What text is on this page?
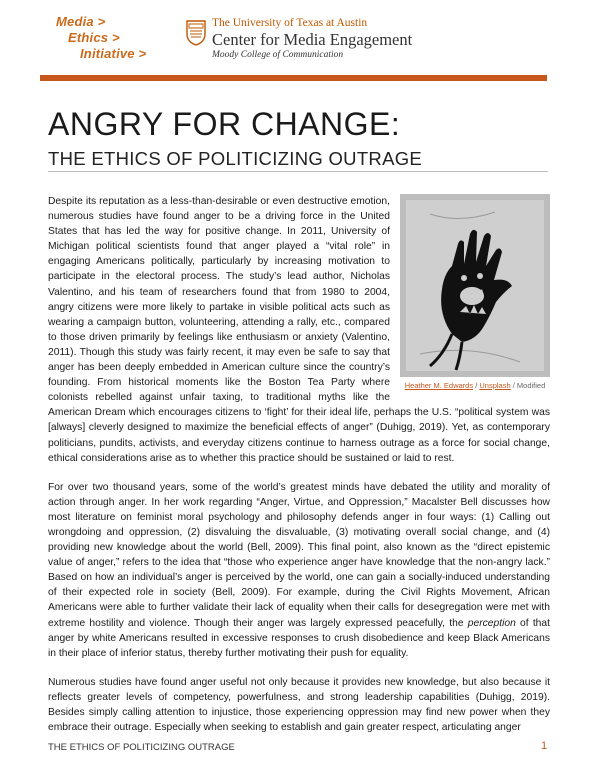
Media >
Ethics >
Initiative >
The University of Texas at Austin
Center for Media Engagement
Moody College of Communication
ANGRY FOR CHANGE:
THE ETHICS OF POLITICIZING OUTRAGE
Heather M. Edwards / Unsplash / Modified

Despite its reputation as a less-than-desirable or even destructive emotion, numerous studies have found anger to be a driving force in the United States that has led the way for positive change. In 2011, University of Michigan political scientists found that anger played a “vital role” in engaging Americans politically, particularly by increasing motivation to participate in the electoral process. The study’s lead author, Nicholas Valentino, and his team of researchers found that from 1980 to 2004, angry citizens were more likely to partake in visible political acts such as wearing a campaign button, volunteering, attending a rally, etc., compared to those driven primarily by feelings like enthusiasm or anxiety (Valentino, 2011). Though this study was fairly recent, it may even be safe to say that anger has been deeply embedded in American culture since the country’s founding. From historical moments like the Boston Tea Party where colonists rebelled against unfair taxing, to traditional myths like the American Dream which encourages citizens to ‘fight’ for their ideal life, perhaps the U.S. “political system was [always] cleverly designed to maximize the beneficial effects of anger” (Duhigg, 2019). Yet, as contemporary politicians, pundits, activists, and everyday citizens continue to harness outrage as a force for social change, ethical considerations arise as to whether this practice should be sustained or laid to rest.

For over two thousand years, some of the world’s greatest minds have debated the utility and morality of action through anger. In her work regarding “Anger, Virtue, and Oppression,” Macalster Bell discusses how most literature on feminist moral psychology and philosophy defends anger in four ways: (1) Calling out wrongdoing and oppression, (2) disvaluing the disvaluable, (3) motivating overall social change, and (4) providing new knowledge about the world (Bell, 2009). This final point, also known as the “direct epistemic value of anger,” refers to the idea that “those who experience anger have knowledge that the non-angry lack.” Based on how an individual’s anger is perceived by the world, one can gain a socially-induced understanding of their expected role in society (Bell, 2009). For example, during the Civil Rights Movement, African Americans were able to further validate their lack of equality when their calls for desegregation were met with extreme hostility and violence. Though their anger was largely expressed peacefully, the perception of that anger by white Americans resulted in excessive responses to crush disobedience and keep Black Americans in their place of inferior status, thereby further motivating their push for equality.

Numerous studies have found anger useful not only because it provides new knowledge, but also because it reflects greater levels of competency, powerfulness, and strong leadership capabilities (Duhigg, 2019). Besides simply calling attention to injustice, those experiencing oppression may find new power when they embrace their outrage. Especially when seeking to establish and gain greater respect, articulating anger

THE ETHICS OF POLITICIZING OUTRAGE	1
